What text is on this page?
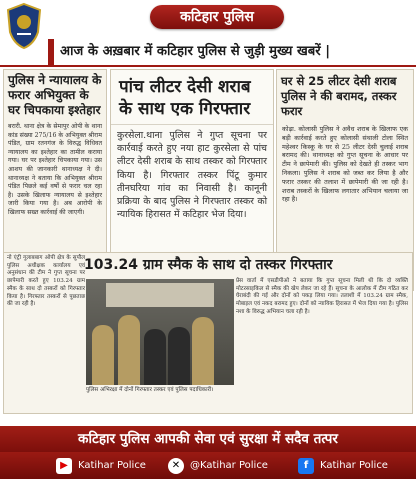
कटिहार पुलिस
आज के अख़बार में कटिहार पुलिस से जुड़ी मुख्य खबरें |
पुलिस ने न्यायालय के फरार अभियुक्त के घर चिपकाया इश्तेहार

बरारी. थाना क्षेत्र के सेमापुर ओपी के थाना कांड संख्या 275/16 के अभियुक्त श्रीराम पंडित, ग्राम रतनगंज के विरुद्ध विधिवत न्यायालय का इश्तेहार का तामील कराया गया। घर पर इश्तेहार चिपकाया गया। उस आशय की जानकारी थानाध्यक्ष ने दी। थानाध्यक्ष ने बताया कि अभियुक्त श्रीराम पंडित पिछले कई वर्षों से फरार चल रहा है। उसके खिलाफ न्यायालय से इश्तेहार जारी किया गया है। अब आरोपी के खिलाफ सख्त कार्रवाई की जाएगी।

पांच लीटर देसी शराब के साथ एक गिरफ्तार

कुरसेला.थाना पुलिस ने गुप्त सूचना पर कार्रवाई करते हुए नया हाट कुरसेला से पांच लीटर देसी शराब के साथ तस्कर को गिरफ्तार किया है। गिरफ्तार तस्कर पिंटू कुमार तीनघरिया गांव का निवासी है। कानूनी प्रक्रिया के बाद पुलिस ने गिरफ्तार तस्कर को न्यायिक हिरासत में कटिहार भेज दिया।

घर से 25 लीटर देसी शराब पुलिस ने की बरामद, तस्कर फरार

कोढ़ा. कोलासी पुलिस ने अवैध शराब के खिलाफ एक बड़ी कार्रवाई करते हुए कोलासी संथाली टोला स्थित महेश्वर किस्कू के घर से 25 लीटर देसी चुलाई शराब बरामद की। थानाध्यक्ष को गुप्त सूचना के आधार पर टीम ने छापेमारी की। पुलिस को देखते ही तस्कर भाग निकला। पुलिस ने शराब को जब्त कर लिया है और फरार तस्कर की तलाश में छापेमारी की जा रही है। शराब तस्करों के खिलाफ लगातार अभियान चलाया जा रहा है।

नो एंट्री गुलाबबाग ओपी क्षेत्र के सुपौल पुलिस अधीक्षक कार्यालय एवं अनुसंधान की टीम ने गुप्त सूचना पर छापेमारी करते हुए 103.24 ग्राम स्मैक के साथ दो तस्करों को गिरफ्तार किया है। गिरफ्तार तस्करों से पूछताछ की जा रही है।

103.24 ग्राम स्मैक के साथ दो तस्कर गिरफ्तार

पुलिस अभिरक्षा में दोनों गिरफ्तार तस्कर एवं पुलिस पदाधिकारी।

प्रेस वार्ता में एसडीपीओ ने बताया कि गुप्त सूचना मिली थी कि दो व्यक्ति मोटरसाइकिल से स्मैक की खेप लेकर जा रहे हैं। सूचना के आलोक में टीम गठित कर घेराबंदी की गई और दोनों को पकड़ लिया गया। तलाशी में 103.24 ग्राम स्मैक, मोबाइल एवं नकद बरामद हुए। दोनों को न्यायिक हिरासत में भेज दिया गया है। पुलिस नशा के विरुद्ध अभियान चला रही है।

कटिहार पुलिस आपकी सेवा एवं सुरक्षा में सदैव तत्पर
▶	Katihar Police	✕ @Katihar Police	f	Katihar Police
